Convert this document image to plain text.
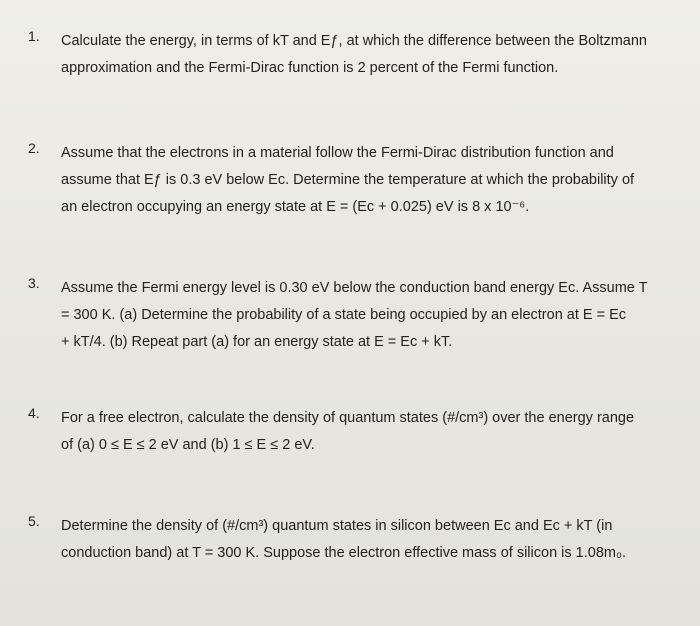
1.	Calculate the energy, in terms of kT and Eƒ, at which the difference between the Boltzmann
approximation and the Fermi-Dirac function is 2 percent of the Fermi function.
2.	Assume that the electrons in a material follow the Fermi-Dirac distribution function and
assume that Eƒ is 0.3 eV below Eᴄ. Determine the temperature at which the probability of
an electron occupying an energy state at E = (Eᴄ + 0.025) eV is 8 x 10⁻⁶.
3.	Assume the Fermi energy level is 0.30 eV below the conduction band energy Eᴄ. Assume T
= 300 K. (a) Determine the probability of a state being occupied by an electron at E = Eᴄ
+ kT/4. (b) Repeat part (a) for an energy state at E = Eᴄ + kT.
4.	For a free electron, calculate the density of quantum states (#/cm³) over the energy range
of (a) 0 ≤ E ≤ 2 eV and (b) 1 ≤ E ≤ 2 eV.
5.	Determine the density of (#/cm³) quantum states in silicon between Eᴄ and Eᴄ + kT (in
conduction band) at T = 300 K. Suppose the electron effective mass of silicon is 1.08m₀.
